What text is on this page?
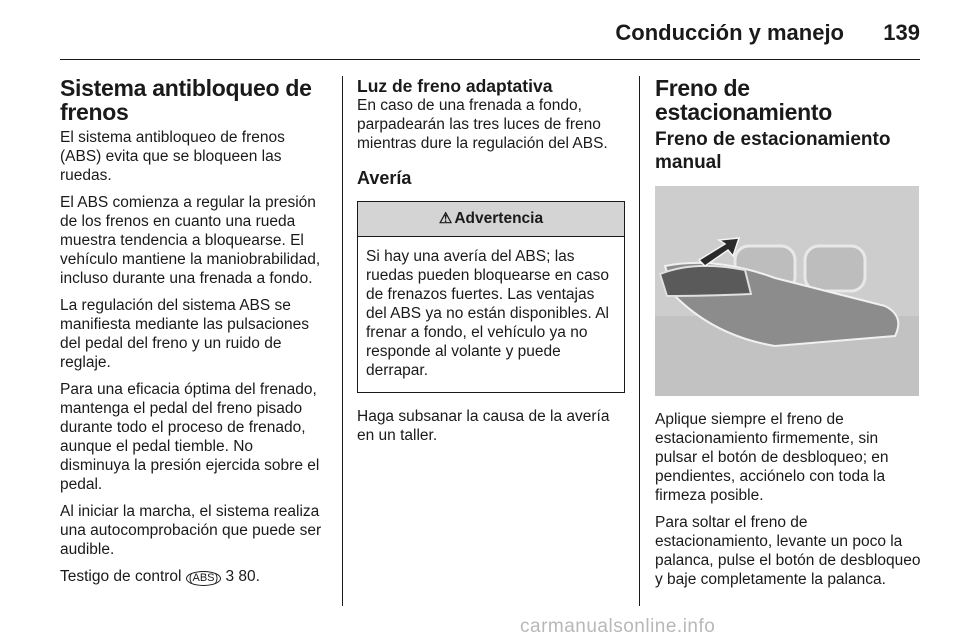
Conducción y manejo 139
Sistema antibloqueo de frenos

El sistema antibloqueo de frenos (ABS) evita que se bloqueen las ruedas.

El ABS comienza a regular la presión de los frenos en cuanto una rueda muestra tendencia a bloquearse. El vehículo mantiene la maniobrabilidad, incluso durante una frenada a fondo.

La regulación del sistema ABS se manifiesta mediante las pulsaciones del pedal del freno y un ruido de reglaje.

Para una eficacia óptima del frenado, mantenga el pedal del freno pisado durante todo el proceso de frenado, aunque el pedal tiemble. No disminuya la presión ejercida sobre el pedal.

Al iniciar la marcha, el sistema realiza una autocomprobación que puede ser audible.

Testigo de control (ABS) 3 80.

Luz de freno adaptativa

En caso de una frenada a fondo, parpadearán las tres luces de freno mientras dure la regulación del ABS.

Avería
⚠ Advertencia

Si hay una avería del ABS; las ruedas pueden bloquearse en caso de frenazos fuertes. Las ventajas del ABS ya no están disponibles. Al frenar a fondo, el vehículo ya no responde al volante y puede derrapar.

Haga subsanar la causa de la avería en un taller.

Freno de estacionamiento
Freno de estacionamiento manual

Aplique siempre el freno de estacionamiento firmemente, sin pulsar el botón de desbloqueo; en pendientes, acciónelo con toda la firmeza posible.

Para soltar el freno de estacionamiento, levante un poco la palanca, pulse el botón de desbloqueo y baje completamente la palanca.

carmanualsonline.info
